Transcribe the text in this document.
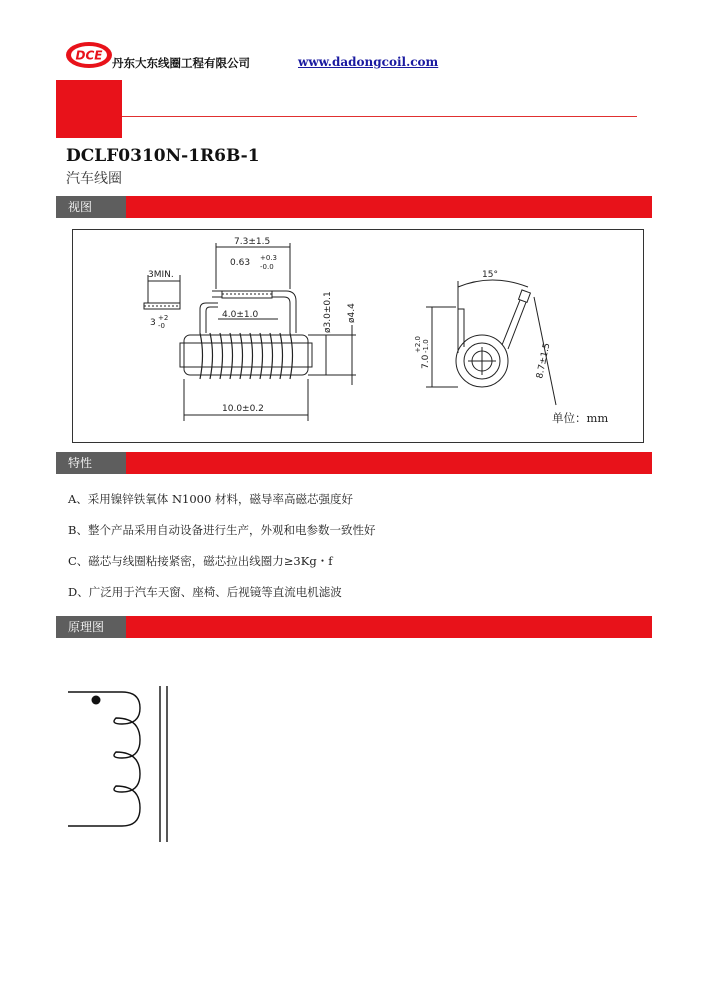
DCE
丹东大东线圈工程有限公司	www.dadongcoil.com
DCLF0310N-1R6B-1
汽车线圈
视图
7.3±1.5
0.63 +0.3
-0.0
3MIN.
4.0±1.0
3 +2
-0	ø3.0±0.1 ø4.4
10.0±0.2
15°
7.0
+2.0 -1.0	8.7±1.5
单位：mm
特性
A、采用镍锌铁氧体 N1000 材料，磁导率高磁芯强度好
B、整个产品采用自动设备进行生产，外观和电参数一致性好
C、磁芯与线圈粘接紧密，磁芯拉出线圈力≥3Kg・f
D、广泛用于汽车天窗、座椅、后视镜等直流电机滤波
原理图
